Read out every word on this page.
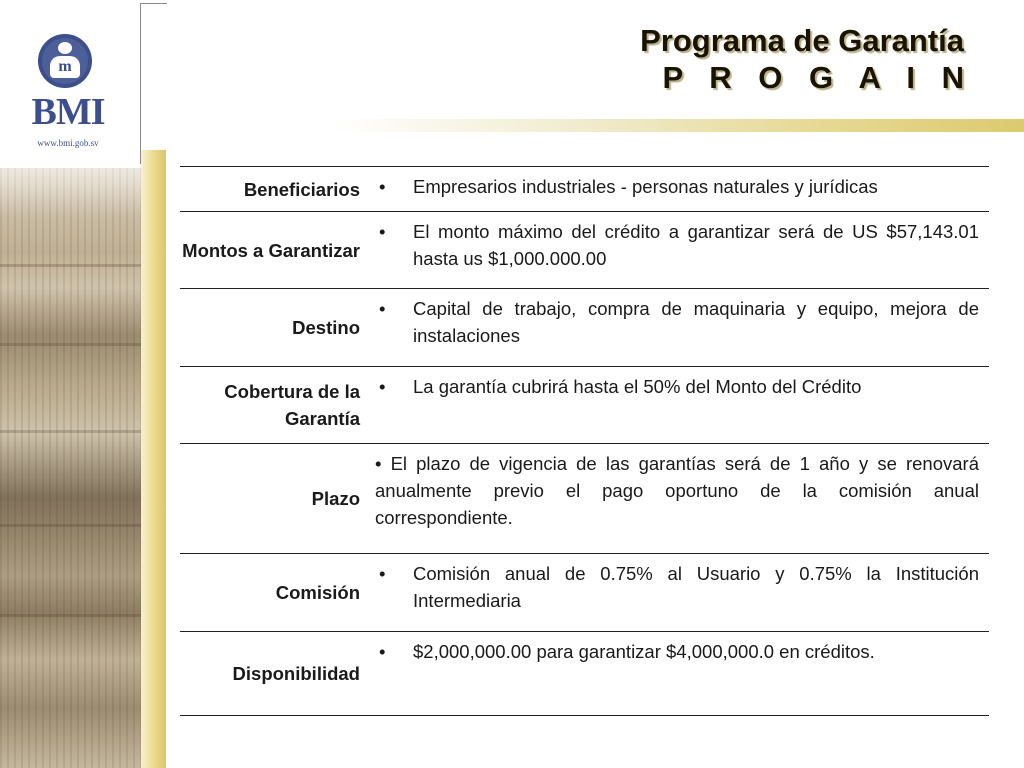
m
BMI
www.bmi.gob.sv
Programa de Garantía
P R O G A I N
Beneficiarios	• Empresarios industriales - personas naturales y jurídicas

Montos a Garantizar	• El monto máximo del crédito a garantizar será de US $57,143.01 hasta us $1,000.000.00

Destino	• Capital de trabajo, compra de maquinaria y equipo, mejora de instalaciones

Cobertura de la Garantía	• La garantía cubrirá hasta el 50% del Monto del Crédito

Plazo	• El plazo de vigencia de las garantías será de 1 año y se renovará anualmente previo el pago oportuno de la comisión anual correspondiente.

Comisión	• Comisión anual de 0.75% al Usuario y 0.75% la Institución Intermediaria

Disponibilidad	• $2,000,000.00 para garantizar $4,000,000.0 en créditos.
